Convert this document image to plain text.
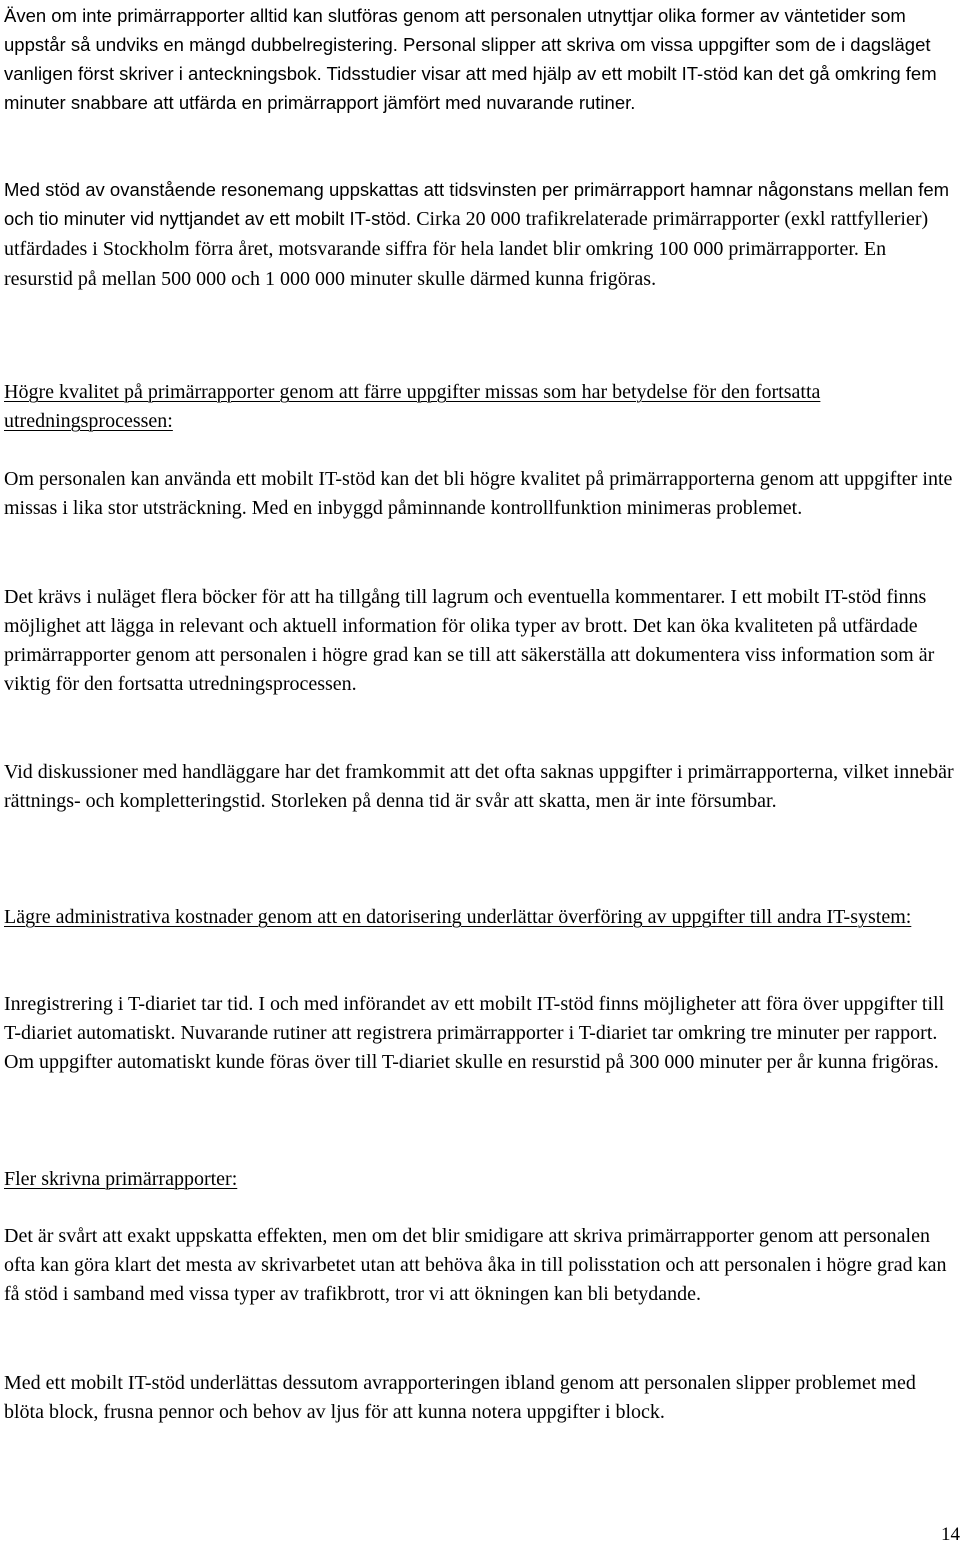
Även om inte primärrapporter alltid kan slutföras genom att personalen utnyttjar olika former av väntetider som uppstår så undviks en mängd dubbelregistering. Personal slipper att skriva om vissa uppgifter som de i dagsläget vanligen först skriver i anteckningsbok. Tidsstudier visar att med hjälp av ett mobilt IT-stöd kan det gå omkring fem minuter snabbare att utfärda en primärrapport jämfört med nuvarande rutiner.

Med stöd av ovanstående resonemang uppskattas att tidsvinsten per primärrapport hamnar någonstans mellan fem och tio minuter vid nyttjandet av ett mobilt IT-stöd. Cirka 20 000 trafikrelaterade primärrapporter (exkl rattfyllerier) utfärdades i Stockholm förra året, motsvarande siffra för hela landet blir omkring 100 000 primärrapporter. En resurstid på mellan 500 000 och 1 000 000 minuter skulle därmed kunna frigöras.

Högre kvalitet på primärrapporter genom att färre uppgifter missas som har betydelse för den fortsatta utredningsprocessen:

Om personalen kan använda ett mobilt IT-stöd kan det bli högre kvalitet på primärrapporterna genom att uppgifter inte missas i lika stor utsträckning. Med en inbyggd påminnande kontrollfunktion minimeras problemet.

Det krävs i nuläget flera böcker för att ha tillgång till lagrum och eventuella kommentarer. I ett mobilt IT-stöd finns möjlighet att lägga in relevant och aktuell information för olika typer av brott. Det kan öka kvaliteten på utfärdade primärrapporter genom att personalen i högre grad kan se till att säkerställa att dokumentera viss information som är viktig för den fortsatta utredningsprocessen.

Vid diskussioner med handläggare har det framkommit att det ofta saknas uppgifter i primärrapporterna, vilket innebär rättnings- och kompletteringstid. Storleken på denna tid är svår att skatta, men är inte försumbar.

Lägre administrativa kostnader genom att en datorisering underlättar överföring av uppgifter till andra IT-system:

Inregistrering i T-diariet tar tid. I och med införandet av ett mobilt IT-stöd finns möjligheter att föra över uppgifter till T-diariet automatiskt. Nuvarande rutiner att registrera primärrapporter i T-diariet tar omkring tre minuter per rapport. Om uppgifter automatiskt kunde föras över till T-diariet skulle en resurstid på 300 000 minuter per år kunna frigöras.

Fler skrivna primärrapporter:

Det är svårt att exakt uppskatta effekten, men om det blir smidigare att skriva primärrapporter genom att personalen ofta kan göra klart det mesta av skrivarbetet utan att behöva åka in till polisstation och att personalen i högre grad kan få stöd i samband med vissa typer av trafikbrott, tror vi att ökningen kan bli betydande.

Med ett mobilt IT-stöd underlättas dessutom avrapporteringen ibland genom att personalen slipper problemet med blöta block, frusna pennor och behov av ljus för att kunna notera uppgifter i block.

14
